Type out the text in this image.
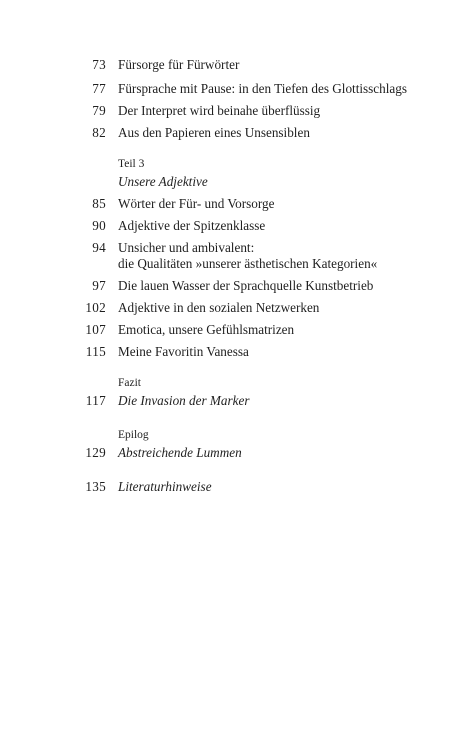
73 Fürsorge für Fürwörter
77 Fürsprache mit Pause: in den Tiefen des Glottisschlags
79 Der Interpret wird beinahe überflüssig
82 Aus den Papieren eines Unsensiblen
Teil 3
Unsere Adjektive
85 Wörter der Für- und Vorsorge
90 Adjektive der Spitzenklasse
94 Unsicher und ambivalent:
die Qualitäten »unserer ästhetischen Kategorien«
97 Die lauen Wasser der Sprachquelle Kunstbetrieb
102 Adjektive in den sozialen Netzwerken
107 Emotica, unsere Gefühlsmatrizen
115 Meine Favoritin Vanessa
Fazit
117 Die Invasion der Marker
Epilog
129 Abstreichende Lummen
135 Literaturhinweise
